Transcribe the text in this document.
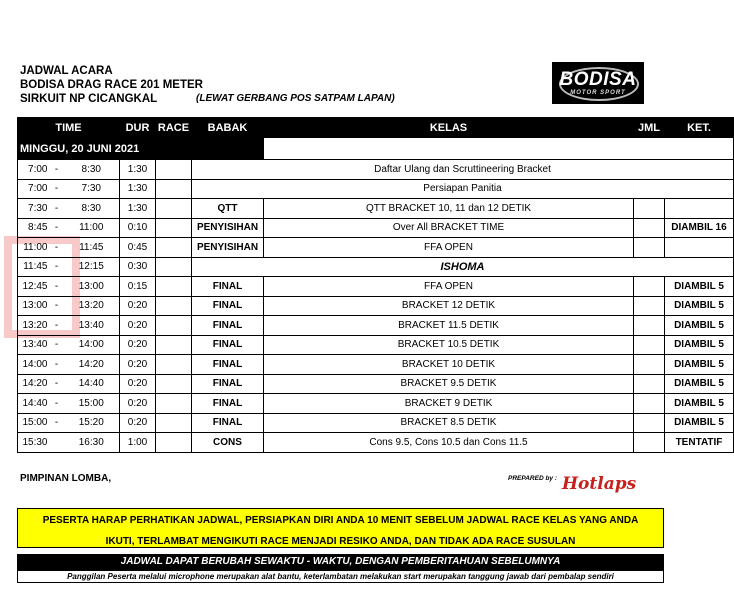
JADWAL ACARA
BODISA DRAG RACE 201 METER
SIRKUIT NP CICANGKAL	(LEWAT GERBANG POS SATPAM LAPAN)
BODISA
MOTOR SPORT
TIME			DUR	RACE	BABAK	KELAS	JML	KET.
MINGGU, 20 JUNI 2021								
7:00	-	8:30	1:30		Daftar Ulang dan Scruttineering Bracket			
7:00	-	7:30	1:30		Persiapan Panitia			
7:30	-	8:30	1:30		QTT	QTT BRACKET 10, 11 dan 12 DETIK		
8:45	-	11:00	0:10		PENYISIHAN	Over All BRACKET TIME		DIAMBIL 16
11:00	-	11:45	0:45		PENYISIHAN	FFA OPEN		
11:45	-	12:15	0:30		ISHOMA			
12:45	-	13:00	0:15		FINAL	FFA OPEN		DIAMBIL 5
13:00	-	13:20	0:20		FINAL	BRACKET 12 DETIK		DIAMBIL 5
13:20	-	13:40	0:20		FINAL	BRACKET 11.5 DETIK		DIAMBIL 5
13:40	-	14:00	0:20		FINAL	BRACKET 10.5 DETIK		DIAMBIL 5
14:00	-	14:20	0:20		FINAL	BRACKET 10 DETIK		DIAMBIL 5
14:20	-	14:40	0:20		FINAL	BRACKET 9.5 DETIK		DIAMBIL 5
14:40	-	15:00	0:20		FINAL	BRACKET 9 DETIK		DIAMBIL 5
15:00	-	15:20	0:20		FINAL	BRACKET 8.5 DETIK		DIAMBIL 5
15:30		16:30	1:00		CONS	Cons 9.5, Cons 10.5 dan Cons 11.5		TENTATIF
PIMPINAN LOMBA,	PREPARED by : Hotlaps
PESERTA HARAP PERHATIKAN JADWAL, PERSIAPKAN DIRI ANDA 10 MENIT SEBELUM JADWAL RACE KELAS YANG ANDA
IKUTI, TERLAMBAT MENGIKUTI RACE MENJADI RESIKO ANDA, DAN TIDAK ADA RACE SUSULAN
JADWAL DAPAT BERUBAH SEWAKTU - WAKTU, DENGAN PEMBERITAHUAN SEBELUMNYA
Panggilan Peserta melalui microphone merupakan alat bantu, keterlambatan melakukan start merupakan tanggung jawab dari pembalap sendiri
